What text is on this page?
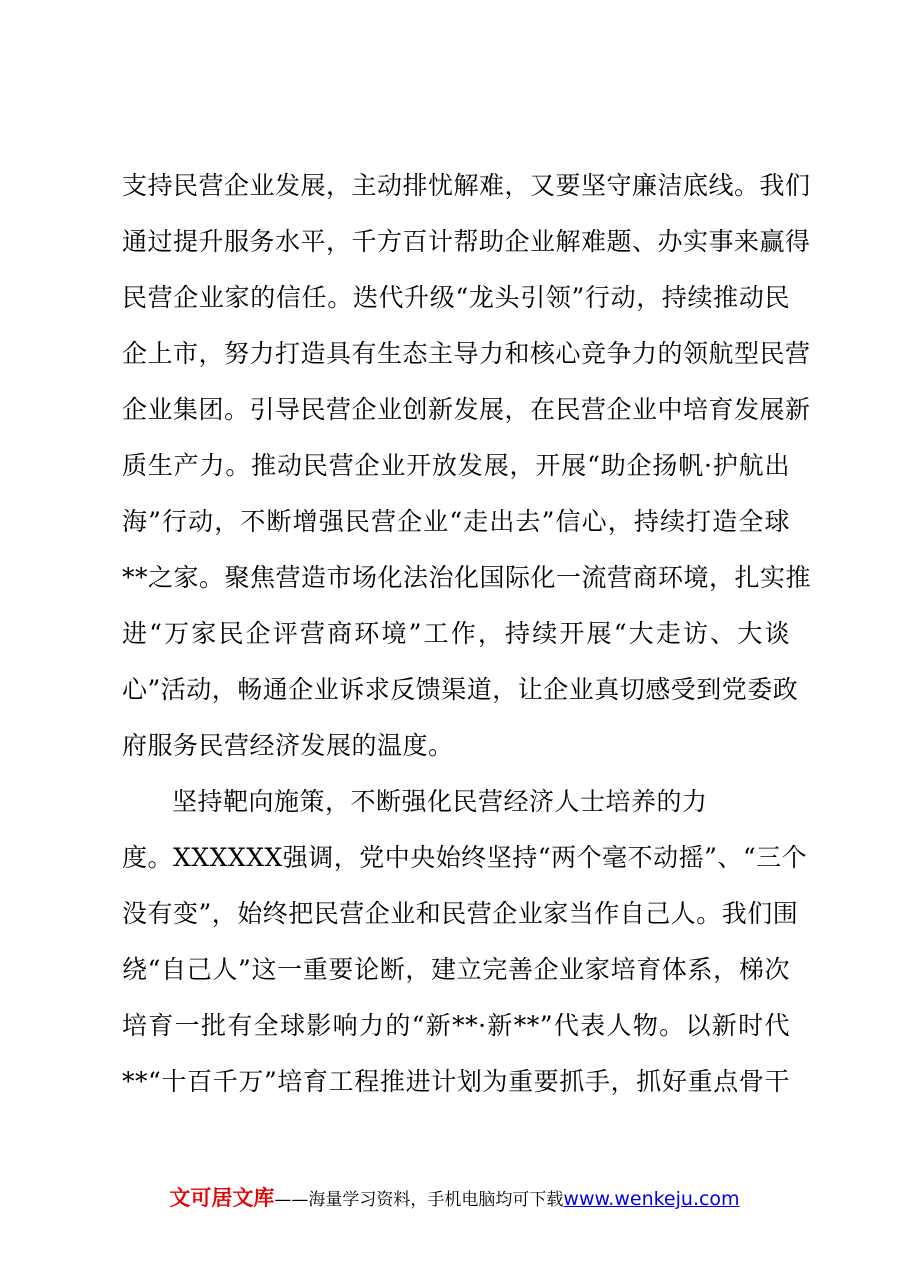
支持民营企业发展，主动排忧解难，又要坚守廉洁底线。我们
通过提升服务水平，千方百计帮助企业解难题、办实事来赢得
民营企业家的信任。迭代升级“龙头引领”行动，持续推动民
企上市，努力打造具有生态主导力和核心竞争力的领航型民营
企业集团。引导民营企业创新发展，在民营企业中培育发展新
质生产力。推动民营企业开放发展，开展“助企扬帆·护航出
海”行动，不断增强民营企业“走出去”信心，持续打造全球
**之家。聚焦营造市场化法治化国际化一流营商环境，扎实推
进“万家民企评营商环境”工作，持续开展“大走访、大谈
心”活动，畅通企业诉求反馈渠道，让企业真切感受到党委政
府服务民营经济发展的温度。
坚持靶向施策，不断强化民营经济人士培养的力
度。XXXXXX强调，党中央始终坚持“两个毫不动摇”、“三个
没有变”，始终把民营企业和民营企业家当作自己人。我们围
绕“自己人”这一重要论断，建立完善企业家培育体系，梯次
培育一批有全球影响力的“新**·新**”代表人物。以新时代
**“十百千万”培育工程推进计划为重要抓手，抓好重点骨干
文可居文库——海量学习资料，手机电脑均可下载www.wenkeju.com
